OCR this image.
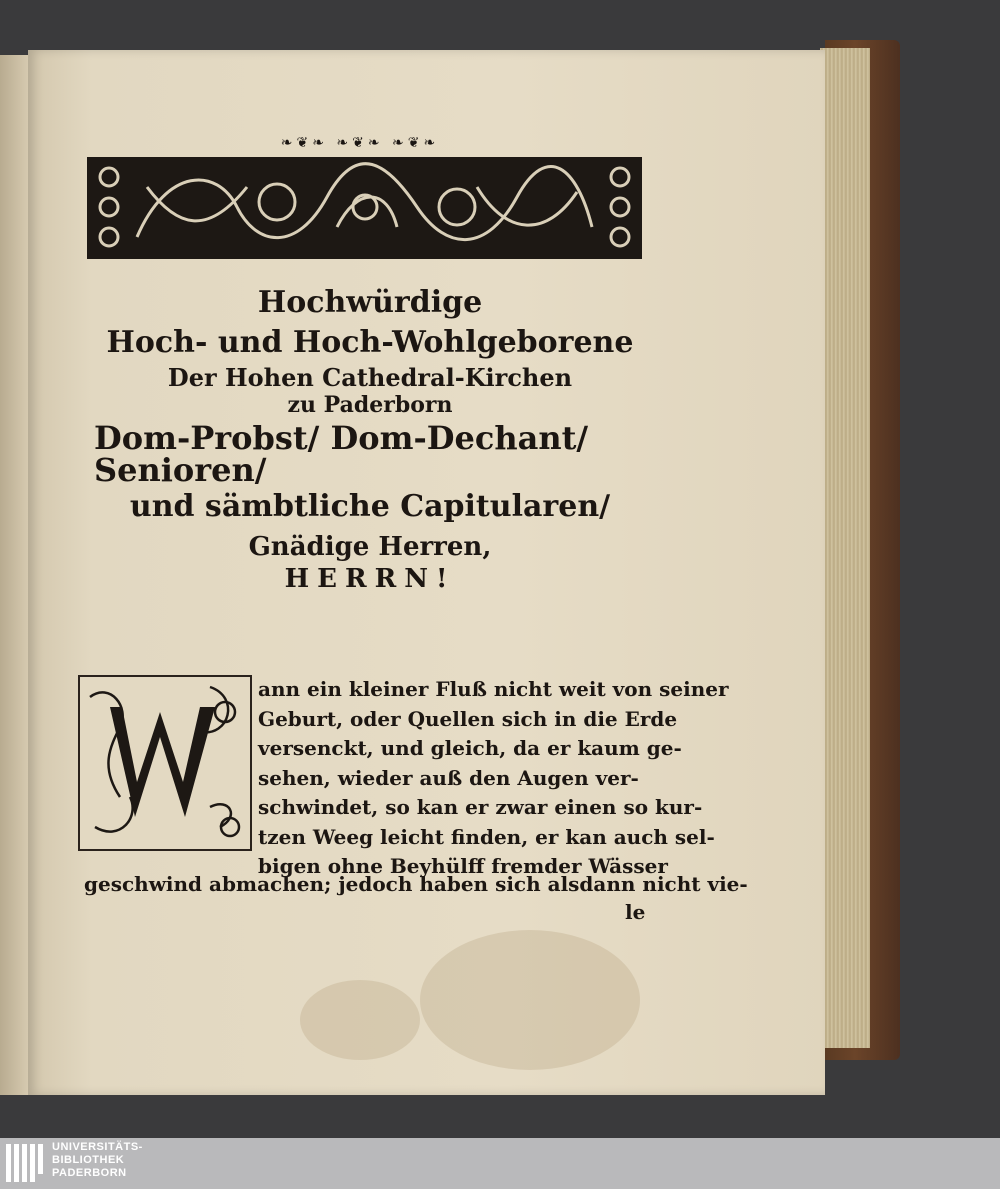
❧❦❧ ❧❦❧ ❧❦❧
Hochwürdige
Hoch- und Hoch-Wohlgeborene
Der Hohen Cathedral-Kirchen
zu Paderborn
Dom-Probst/ Dom-Dechant/ Senioren/
und sämbtliche Capitularen/
Gnädige Herren,
HERRN!
ann ein kleiner Fluß nicht weit von seiner
Geburt, oder Quellen sich in die Erde
versenckt, und gleich, da er kaum ge-
sehen, wieder auß den Augen ver-
schwindet, so kan er zwar einen so kur-
tzen Weeg leicht finden, er kan auch sel-
bigen ohne Beyhülff fremder Wässer
geschwind abmachen; jedoch haben sich alsdann nicht vie-
le
UNIVERSITÄTS-
BIBLIOTHEK
PADERBORN
